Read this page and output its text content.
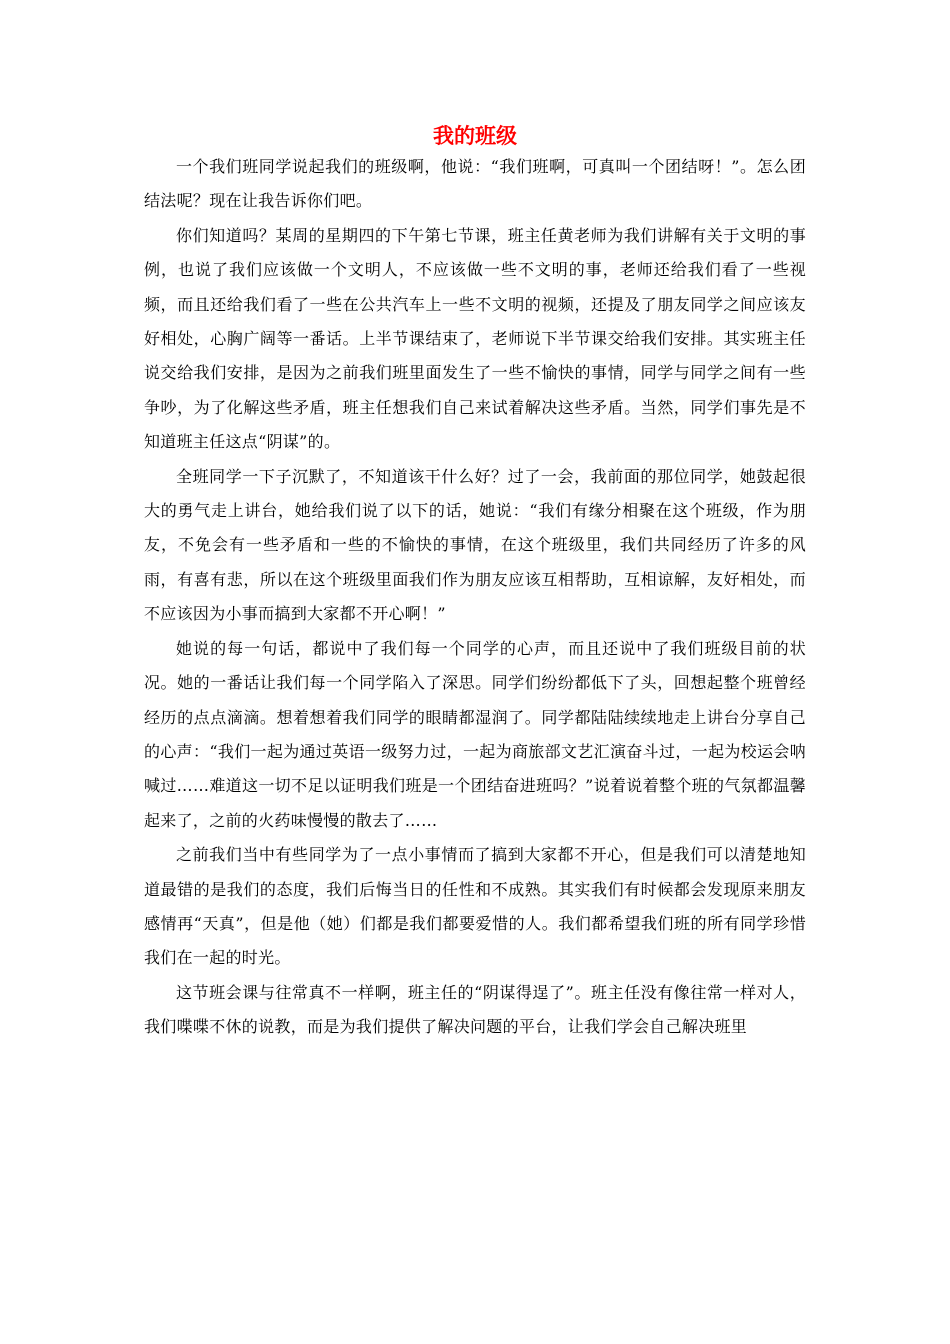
我的班级

一个我们班同学说起我们的班级啊，他说：“我们班啊，可真叫一个团结呀！”。怎么团结法呢？现在让我告诉你们吧。

你们知道吗？某周的星期四的下午第七节课，班主任黄老师为我们讲解有关于文明的事例，也说了我们应该做一个文明人，不应该做一些不文明的事，老师还给我们看了一些视频，而且还给我们看了一些在公共汽车上一些不文明的视频，还提及了朋友同学之间应该友好相处，心胸广阔等一番话。上半节课结束了，老师说下半节课交给我们安排。其实班主任说交给我们安排，是因为之前我们班里面发生了一些不愉快的事情，同学与同学之间有一些争吵，为了化解这些矛盾，班主任想我们自己来试着解决这些矛盾。当然，同学们事先是不知道班主任这点“阴谋”的。

全班同学一下子沉默了，不知道该干什么好？过了一会，我前面的那位同学，她鼓起很大的勇气走上讲台，她给我们说了以下的话，她说：“我们有缘分相聚在这个班级，作为朋友，不免会有一些矛盾和一些的不愉快的事情，在这个班级里，我们共同经历了许多的风雨，有喜有悲，所以在这个班级里面我们作为朋友应该互相帮助，互相谅解，友好相处，而不应该因为小事而搞到大家都不开心啊！”

她说的每一句话，都说中了我们每一个同学的心声，而且还说中了我们班级目前的状况。她的一番话让我们每一个同学陷入了深思。同学们纷纷都低下了头，回想起整个班曾经经历的点点滴滴。想着想着我们同学的眼睛都湿润了。同学都陆陆续续地走上讲台分享自己的心声：“我们一起为通过英语一级努力过，一起为商旅部文艺汇演奋斗过，一起为校运会呐喊过……难道这一切不足以证明我们班是一个团结奋进班吗？”说着说着整个班的气氛都温馨起来了，之前的火药味慢慢的散去了……

之前我们当中有些同学为了一点小事情而了搞到大家都不开心，但是我们可以清楚地知道最错的是我们的态度，我们后悔当日的任性和不成熟。其实我们有时候都会发现原来朋友感情再“天真”，但是他（她）们都是我们都要爱惜的人。我们都希望我们班的所有同学珍惜我们在一起的时光。

这节班会课与往常真不一样啊，班主任的“阴谋得逞了”。班主任没有像往常一样对人，我们喋喋不休的说教，而是为我们提供了解决问题的平台，让我们学会自己解决班里
